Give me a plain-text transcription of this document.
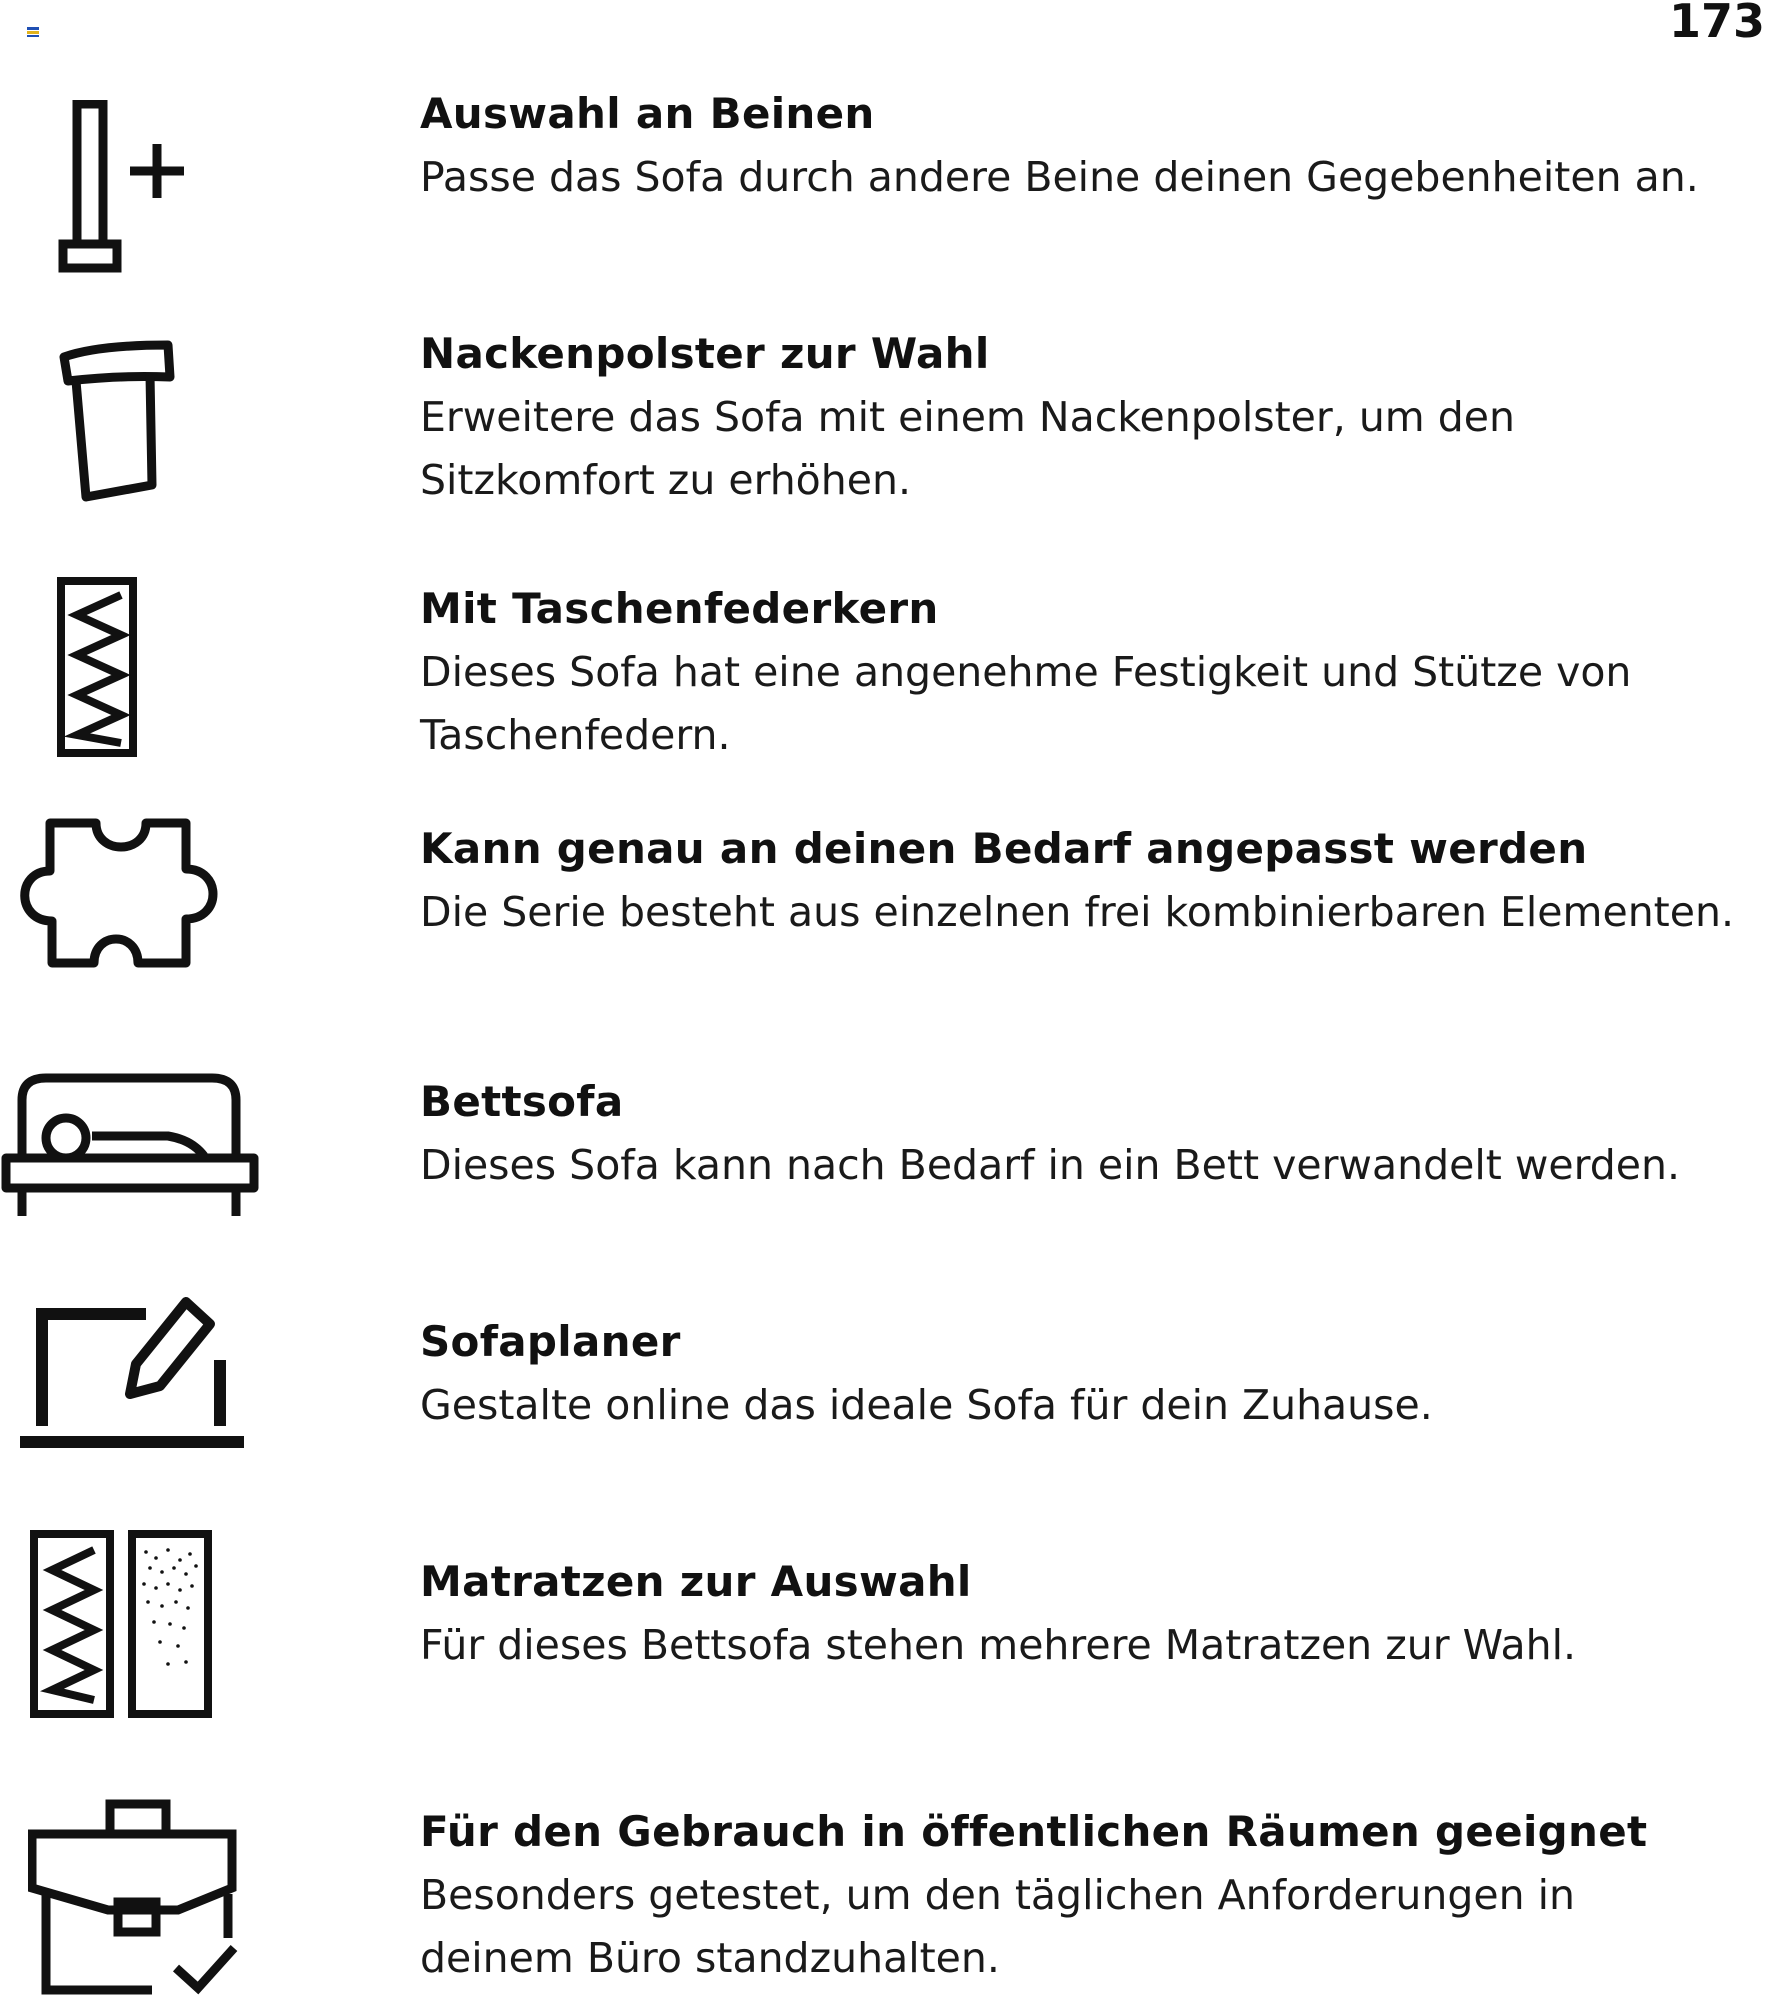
173
Auswahl an Beinen

Passe das Sofa durch andere Beine deinen Gegebenheiten an.

Nackenpolster zur Wahl

Erweitere das Sofa mit einem Nackenpolster, um den Sitzkomfort zu erhöhen.

Mit Taschenfederkern

Dieses Sofa hat eine angenehme Festigkeit und Stütze von Taschenfedern.

Kann genau an deinen Bedarf angepasst werden

Die Serie besteht aus einzelnen frei kombinierbaren Elementen.

Bettsofa

Dieses Sofa kann nach Bedarf in ein Bett verwandelt werden.

Sofaplaner

Gestalte online das ideale Sofa für dein Zuhause.

Matratzen zur Auswahl

Für dieses Bettsofa stehen mehrere Matratzen zur Wahl.

Für den Gebrauch in öffentlichen Räumen geeignet

Besonders getestet, um den täglichen Anforderungen in deinem Büro standzuhalten.
